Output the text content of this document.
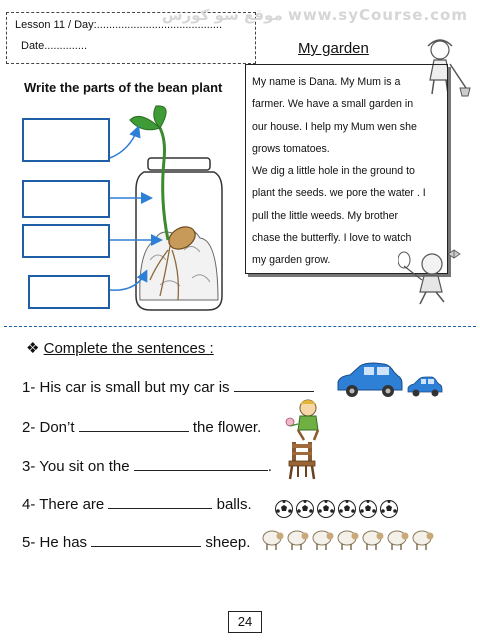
Lesson 11 / Day:.........................................
Date..............
موقع سو كورس www.syCourse.com
My garden
Write the parts of the bean plant	My name is Dana. My Mum is a

farmer. We have a small garden in

our house. I help my Mum wen she

grows tomatoes.

We dig a little hole in the ground to

plant the seeds. we pore the water . I

pull the little weeds. My brother

chase the butterfly. I love to watch

my garden grow.

❖ Complete the sentences :
1- His car is small but my car is
2- Don’t	the flower.
3- You sit on the	.
4- There are	balls.
5- He has	sheep.
24
